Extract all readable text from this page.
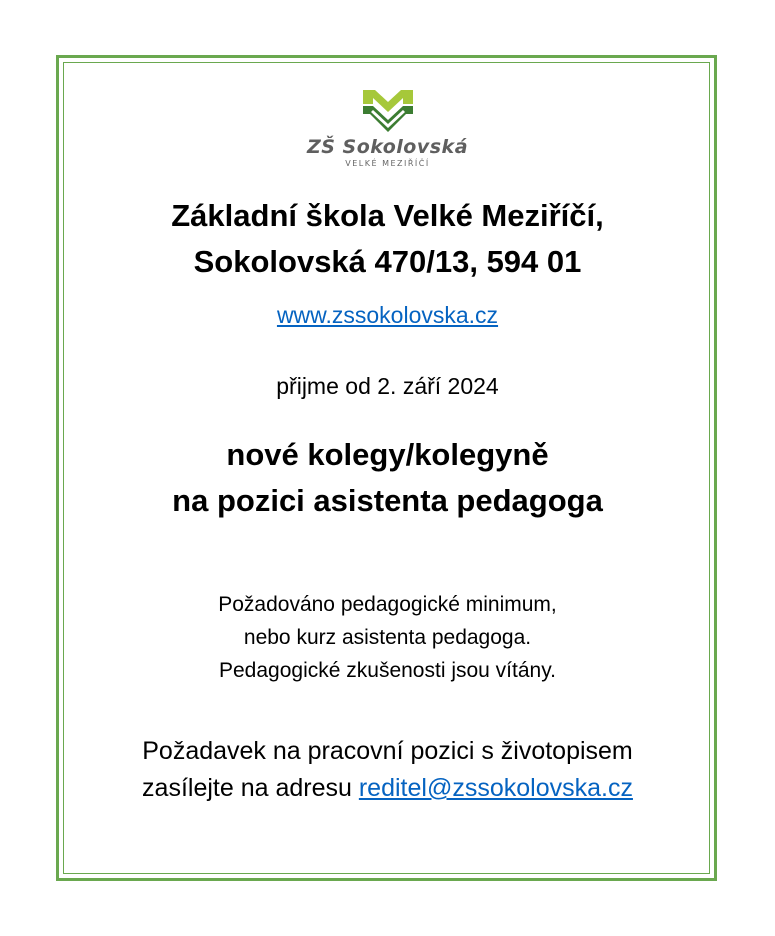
ZŠ Sokolovská
VELKÉ MEZIŘÍČÍ
Základní škola Velké Meziříčí,
Sokolovská 470/13, 594 01
www.zssokolovska.cz
přijme od 2. září 2024
nové kolegy/kolegyně
na pozici asistenta pedagoga
Požadováno pedagogické minimum,
nebo kurz asistenta pedagoga.
Pedagogické zkušenosti jsou vítány.
Požadavek na pracovní pozici s životopisem
zasílejte na adresu reditel@zssokolovska.cz
